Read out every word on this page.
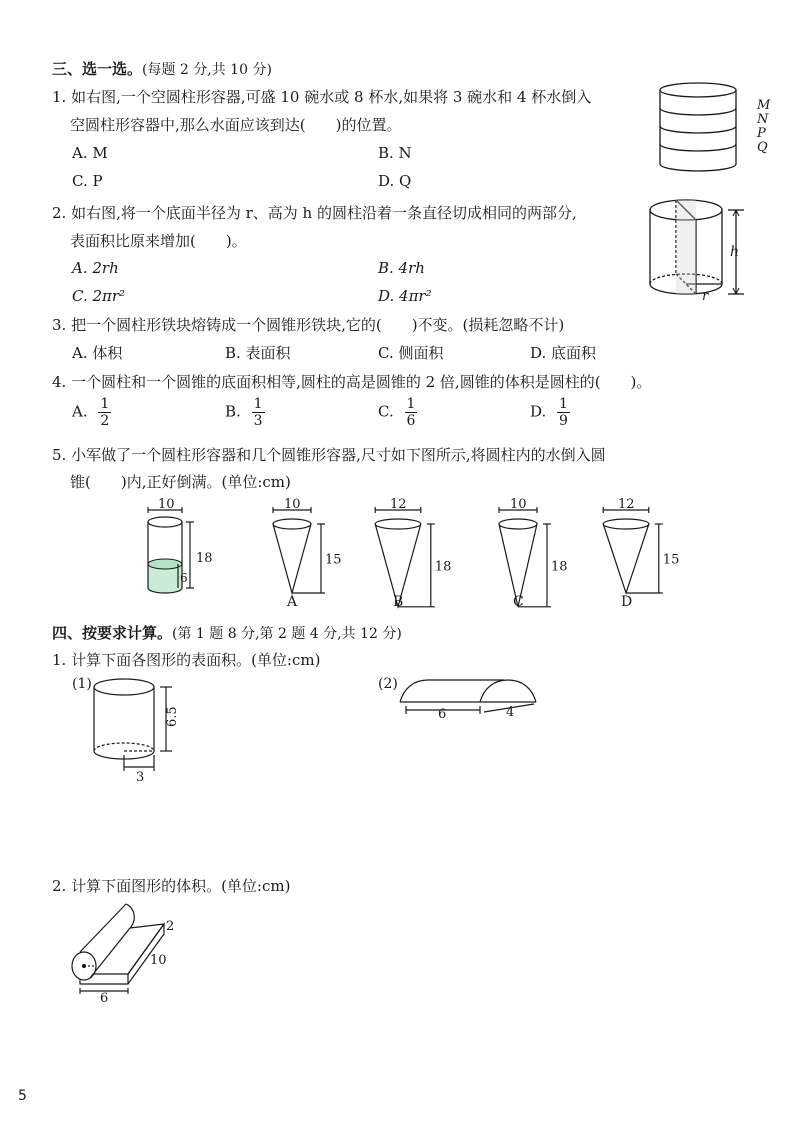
三、选一选。(每题 2 分,共 10 分)
1. 如右图,一个空圆柱形容器,可盛 10 碗水或 8 杯水,如果将 3 碗水和 4 杯水倒入
空圆柱形容器中,那么水面应该到达(　　)的位置。
A. M	B. N
C. P	D. Q
M
N
P
Q
2. 如右图,将一个底面半径为 r、高为 h 的圆柱沿着一条直径切成相同的两部分,
表面积比原来增加(　　)。
A. 2rh	B. 4rh
C. 2πr²	D. 4πr²
h
r
3. 把一个圆柱形铁块熔铸成一个圆锥形铁块,它的(　　)不变。(损耗忽略不计)
A. 体积	B. 表面积	C. 侧面积	D. 底面积
4. 一个圆柱和一个圆锥的底面积相等,圆柱的高是圆锥的 2 倍,圆锥的体积是圆柱的(　　)。
A. $\frac{1}{2}$	B. $\frac{1}{3}$	C. $\frac{1}{6}$	D. $\frac{1}{9}$
5. 小军做了一个圆柱形容器和几个圆锥形容器,尺寸如下图所示,将圆柱内的水倒入圆
锥(　　)内,正好倒满。(单位:cm)
10
18
6
10
15
A
12
18
B
10
18
C
12
15
D
四、按要求计算。(第 1 题 8 分,第 2 题 4 分,共 12 分)
1. 计算下面各图形的表面积。(单位:cm)
(1)
6.5
3
(2)
6	4
2. 计算下面图形的体积。(单位:cm)
2
10
6
5
